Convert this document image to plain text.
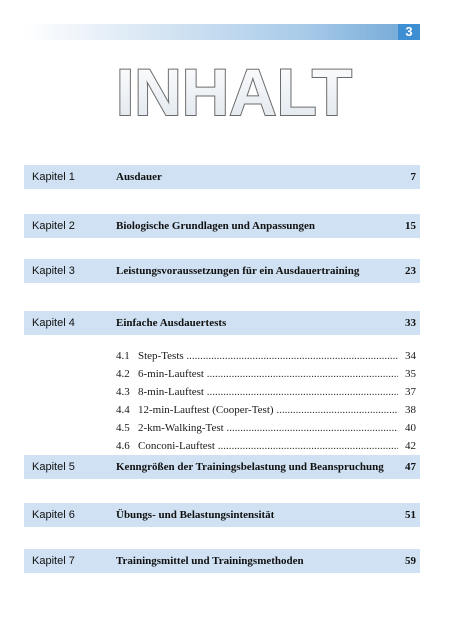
3
INHALT
Kapitel 1	Ausdauer	7
Kapitel 2	Biologische Grundlagen und Anpassungen	15
Kapitel 3	Leistungsvoraussetzungen für ein Ausdauertraining	23
Kapitel 4	Einfache Ausdauertests	33
4.1 Step-Tests .....	34
4.2 6-min-Lauftest .....	35
4.3 8-min-Lauftest .....	37
4.4 12-min-Lauftest (Cooper-Test) .....	38
4.5 2-km-Walking-Test .....	40
4.6 Conconi-Lauftest .....	42
Kapitel 5	Kenngrößen der Trainingsbelastung und Beanspruchung 47
Kapitel 6	Übungs- und Belastungsintensität	51
Kapitel 7	Trainingsmittel und Trainingsmethoden	59
